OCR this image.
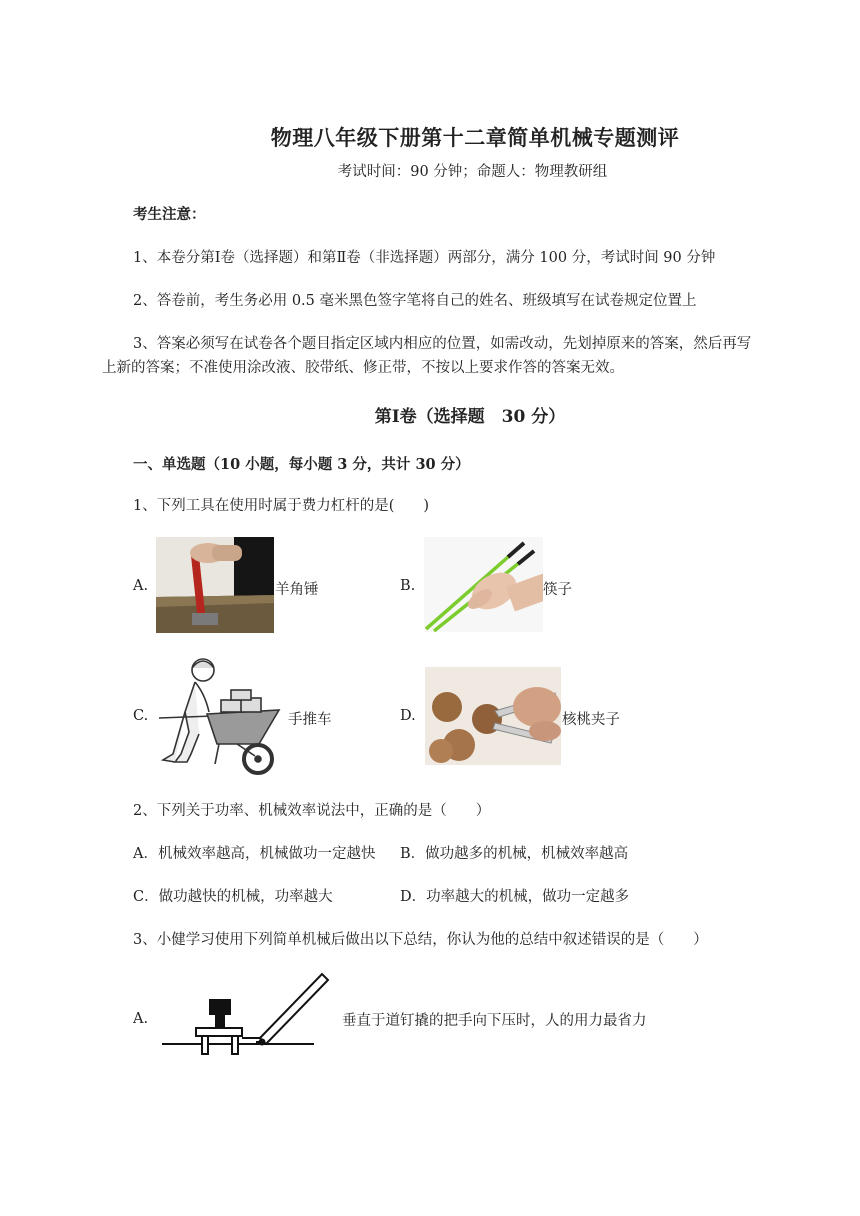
物理八年级下册第十二章简单机械专题测评
考试时间：90 分钟；命题人：物理教研组
考生注意：
1、本卷分第Ⅰ卷（选择题）和第Ⅱ卷（非选择题）两部分，满分 100 分，考试时间 90 分钟
2、答卷前，考生务必用 0.5 毫米黑色签字笔将自己的姓名、班级填写在试卷规定位置上
3、答案必须写在试卷各个题目指定区域内相应的位置，如需改动，先划掉原来的答案，然后再写
上新的答案；不准使用涂改液、胶带纸、修正带，不按以上要求作答的答案无效。
第Ⅰ卷（选择题　30 分）
一、单选题（10 小题，每小题 3 分，共计 30 分）
1、下列工具在使用时属于费力杠杆的是(　　)
A.	羊角锤	B.	筷子
C.	手推车	D.	核桃夹子
2、下列关于功率、机械效率说法中，正确的是（　　）
A．机械效率越高，机械做功一定越快 B．做功越多的机械，机械效率越高
C．做功越快的机械，功率越大	D．功率越大的机械，做功一定越多
3、小健学习使用下列简单机械后做出以下总结，你认为他的总结中叙述错误的是（　　）
A.	垂直于道钉撬的把手向下压时，人的用力最省力
